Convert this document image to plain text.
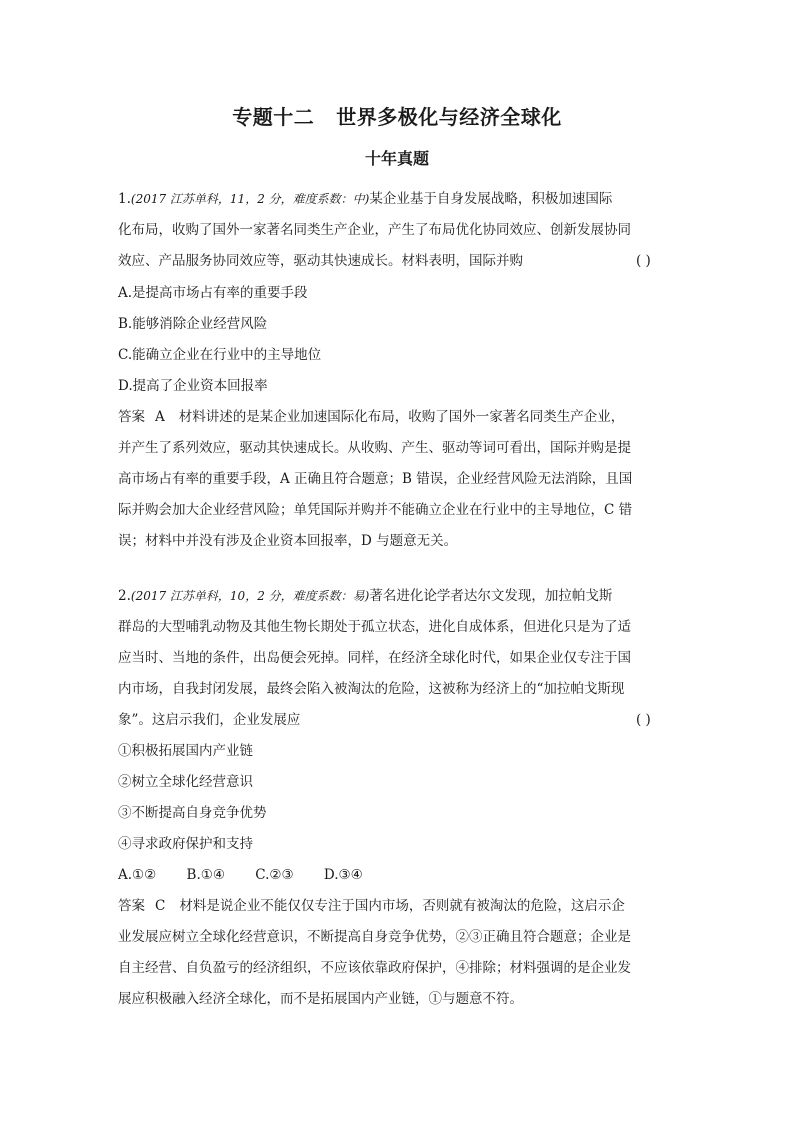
专题十二 世界多极化与经济全球化
十年真题
1.(2017 江苏单科，11，2 分，难度系数：中)某企业基于自身发展战略，积极加速国际
化布局，收购了国外一家著名同类生产企业，产生了布局优化协同效应、创新发展协同
效应、产品服务协同效应等，驱动其快速成长。材料表明，国际并购	( )
A.是提高市场占有率的重要手段
B.能够消除企业经营风险
C.能确立企业在行业中的主导地位
D.提高了企业资本回报率
答案 A 材料讲述的是某企业加速国际化布局，收购了国外一家著名同类生产企业，
并产生了系列效应，驱动其快速成长。从收购、产生、驱动等词可看出，国际并购是提
高市场占有率的重要手段，A 正确且符合题意；B 错误，企业经营风险无法消除，且国
际并购会加大企业经营风险；单凭国际并购并不能确立企业在行业中的主导地位，C 错
误；材料中并没有涉及企业资本回报率，D 与题意无关。
2.(2017 江苏单科，10，2 分，难度系数：易)著名进化论学者达尔文发现，加拉帕戈斯
群岛的大型哺乳动物及其他生物长期处于孤立状态，进化自成体系，但进化只是为了适
应当时、当地的条件，出岛便会死掉。同样，在经济全球化时代，如果企业仅专注于国
内市场，自我封闭发展，最终会陷入被淘汰的危险，这被称为经济上的“加拉帕戈斯现
象”。这启示我们，企业发展应	( )
①积极拓展国内产业链
②树立全球化经营意识
③不断提高自身竞争优势
④寻求政府保护和支持
A.①② B.①④ C.②③ D.③④
答案 C 材料是说企业不能仅仅专注于国内市场，否则就有被淘汰的危险，这启示企
业发展应树立全球化经营意识，不断提高自身竞争优势，②③正确且符合题意；企业是
自主经营、自负盈亏的经济组织，不应该依靠政府保护，④排除；材料强调的是企业发
展应积极融入经济全球化，而不是拓展国内产业链，①与题意不符。
